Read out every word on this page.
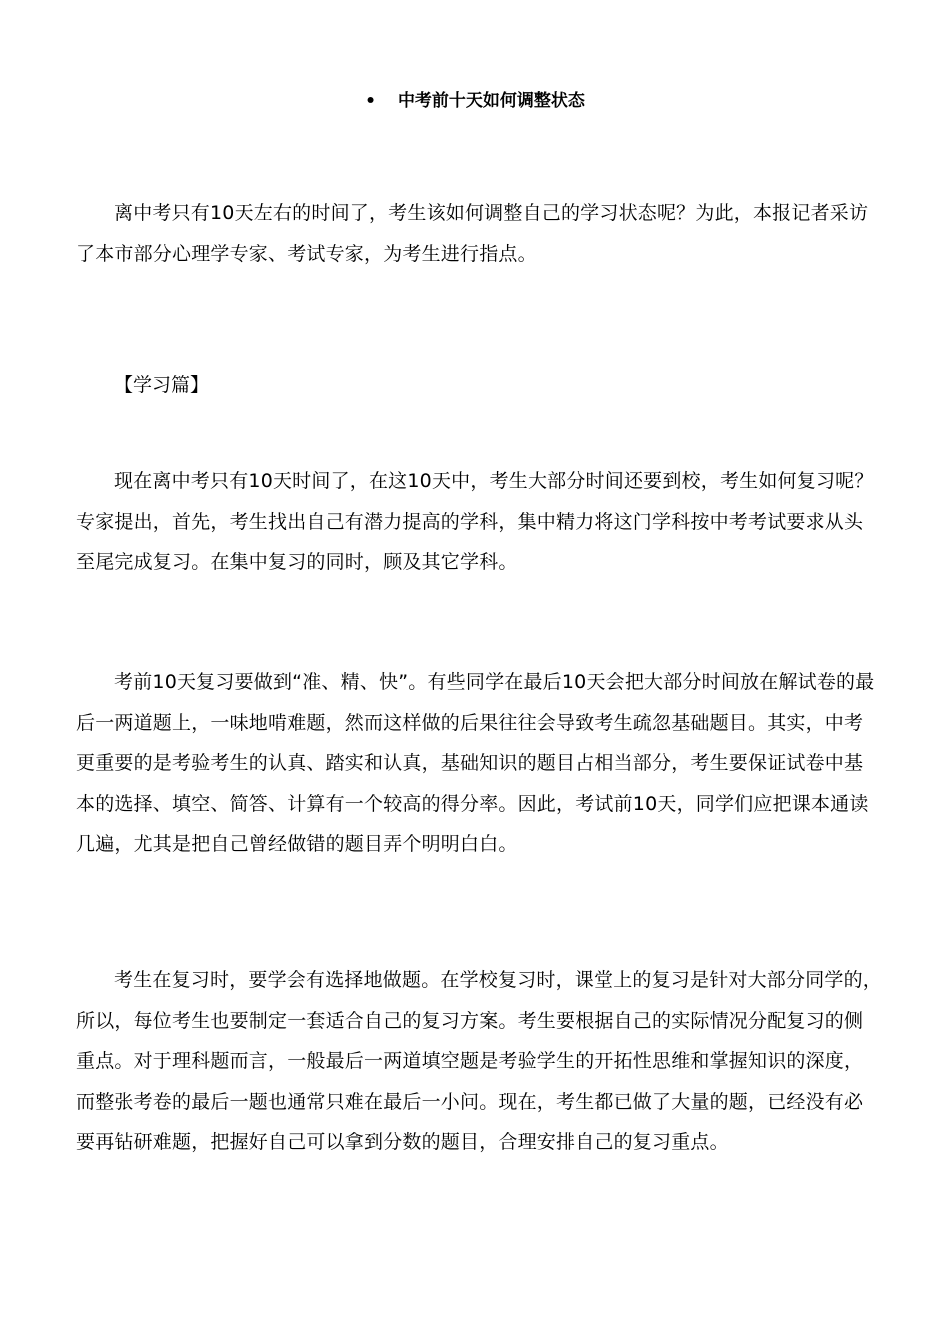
• 中考前十天如何调整状态

离中考只有10天左右的时间了，考生该如何调整自己的学习状态呢？为此，本报记者采访了本市部分心理学专家、考试专家，为考生进行指点。

【学习篇】

现在离中考只有10天时间了，在这10天中，考生大部分时间还要到校，考生如何复习呢？专家提出，首先，考生找出自己有潜力提高的学科，集中精力将这门学科按中考考试要求从头至尾完成复习。在集中复习的同时，顾及其它学科。

考前10天复习要做到“准、精、快”。有些同学在最后10天会把大部分时间放在解试卷的最后一两道题上，一味地啃难题，然而这样做的后果往往会导致考生疏忽基础题目。其实，中考更重要的是考验考生的认真、踏实和认真，基础知识的题目占相当部分，考生要保证试卷中基本的选择、填空、简答、计算有一个较高的得分率。因此，考试前10天，同学们应把课本通读几遍，尤其是把自己曾经做错的题目弄个明明白白。

考生在复习时，要学会有选择地做题。在学校复习时，课堂上的复习是针对大部分同学的，所以，每位考生也要制定一套适合自己的复习方案。考生要根据自己的实际情况分配复习的侧重点。对于理科题而言，一般最后一两道填空题是考验学生的开拓性思维和掌握知识的深度，而整张考卷的最后一题也通常只难在最后一小问。现在，考生都已做了大量的题，已经没有必要再钻研难题，把握好自己可以拿到分数的题目，合理安排自己的复习重点。
